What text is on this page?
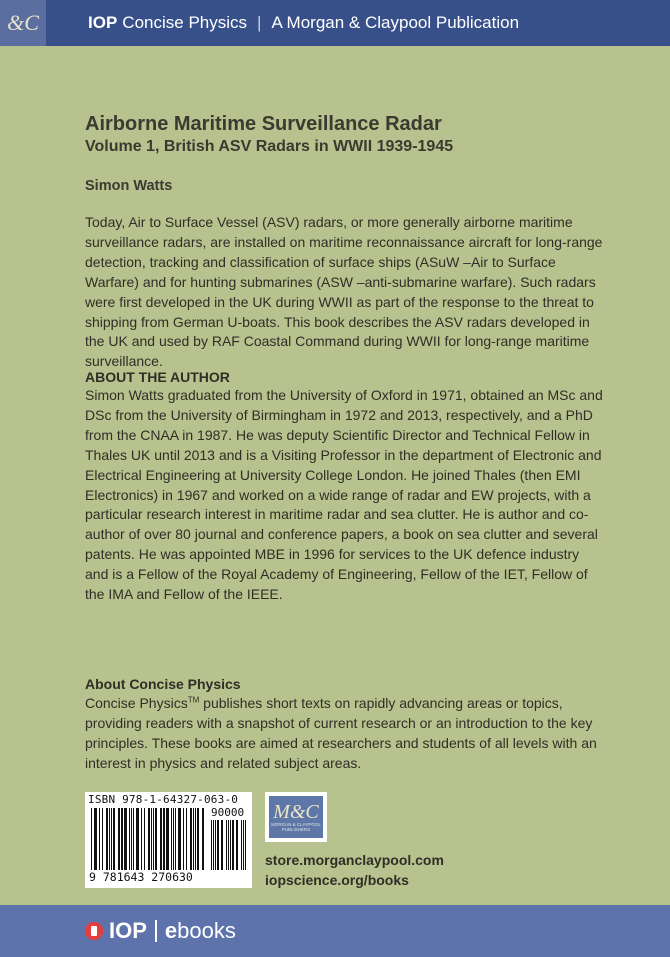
&C	IOP Concise Physics | A Morgan & Claypool Publication
Airborne Maritime Surveillance Radar
Volume 1, British ASV Radars in WWII 1939-1945
Simon Watts

Today, Air to Surface Vessel (ASV) radars, or more generally airborne maritime surveillance radars, are installed on maritime reconnaissance aircraft for long-range detection, tracking and classification of surface ships (ASuW –Air to Surface Warfare) and for hunting submarines (ASW –anti-submarine warfare). Such radars were first developed in the UK during WWII as part of the response to the threat to shipping from German U-boats. This book describes the ASV radars developed in the UK and used by RAF Coastal Command during WWII for long-range maritime surveillance.

ABOUT THE AUTHOR

Simon Watts graduated from the University of Oxford in 1971, obtained an MSc and DSc from the University of Birmingham in 1972 and 2013, respectively, and a PhD from the CNAA in 1987. He was deputy Scientific Director and Technical Fellow in Thales UK until 2013 and is a Visiting Professor in the department of Electronic and Electrical Engineering at University College London. He joined Thales (then EMI Electronics) in 1967 and worked on a wide range of radar and EW projects, with a particular research interest in maritime radar and sea clutter. He is author and co-author of over 80 journal and conference papers, a book on sea clutter and several patents. He was appointed MBE in 1996 for services to the UK defence industry and is a Fellow of the Royal Academy of Engineering, Fellow of the IET, Fellow of the IMA and Fellow of the IEEE.

About Concise Physics

Concise Physics™ publishes short texts on rapidly advancing areas or topics, providing readers with a snapshot of current research or an introduction to the key principles. These books are aimed at researchers and students of all levels with an interest in physics and related subject areas.

ISBN 978-1-64327-063-0
90000
9 781643 270630
M&C
MORGAN & CLAYPOOL PUBLISHERS
store.morganclaypool.com
iopscience.org/books
IOP ebooks
